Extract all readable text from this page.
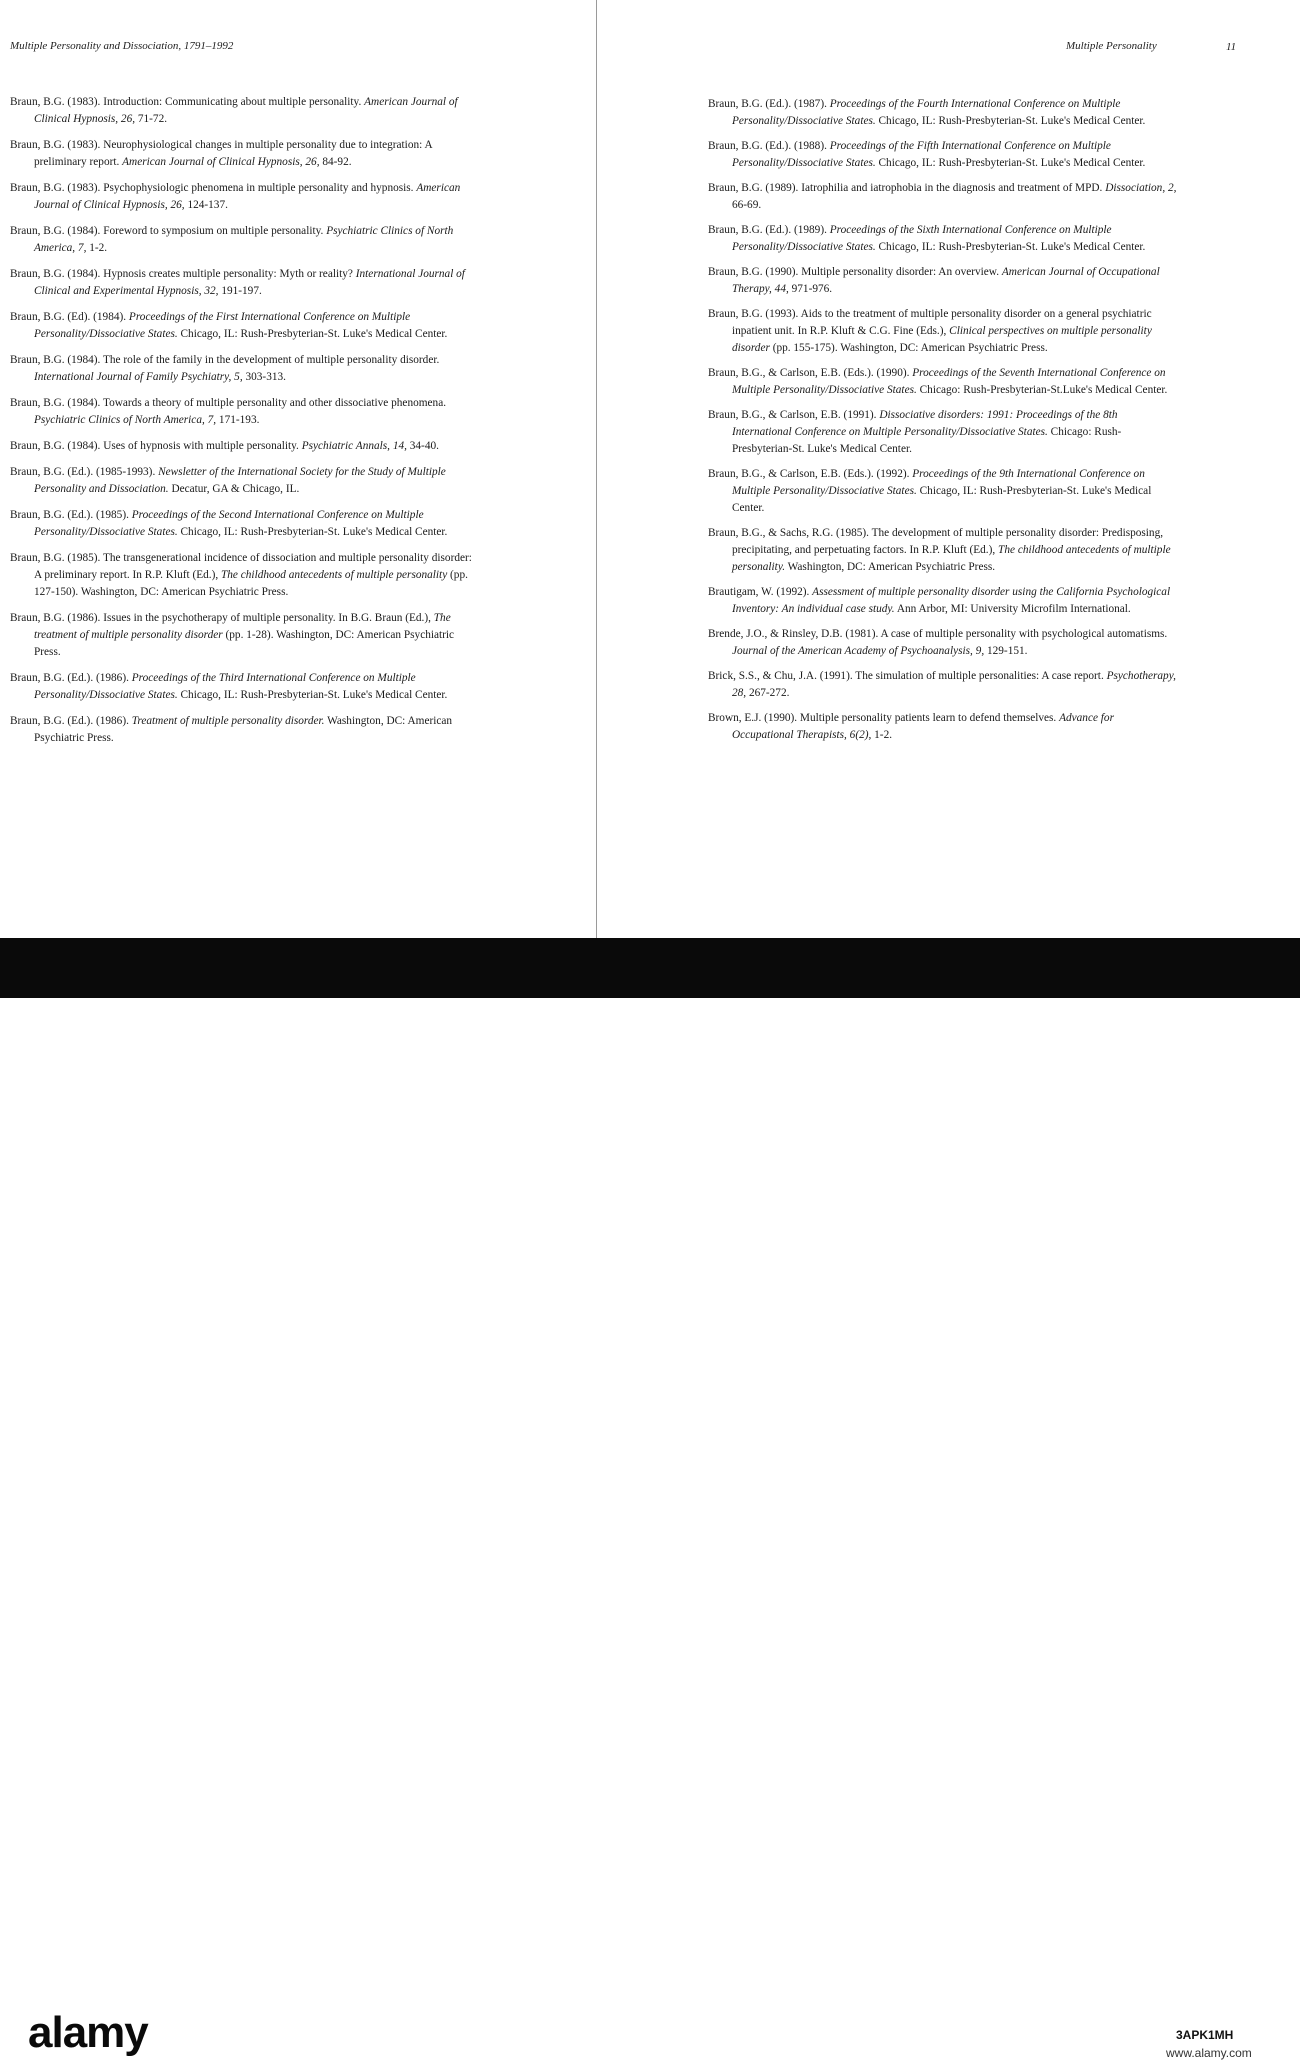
Multiple Personality and Dissociation, 1791–1992	Multiple Personality	11

Braun, B.G. (1983). Introduction: Communicating about multiple personality. American Journal of Clinical Hypnosis, 26, 71-72.

Braun, B.G. (1983). Neurophysiological changes in multiple personality due to integration: A preliminary report. American Journal of Clinical Hypnosis, 26, 84-92.

Braun, B.G. (1983). Psychophysiologic phenomena in multiple personality and hypnosis. American Journal of Clinical Hypnosis, 26, 124-137.

Braun, B.G. (1984). Foreword to symposium on multiple personality. Psychiatric Clinics of North America, 7, 1-2.

Braun, B.G. (1984). Hypnosis creates multiple personality: Myth or reality? International Journal of Clinical and Experimental Hypnosis, 32, 191-197.

Braun, B.G. (Ed). (1984). Proceedings of the First International Conference on Multiple Personality/Dissociative States. Chicago, IL: Rush-Presbyterian-St. Luke's Medical Center.

Braun, B.G. (1984). The role of the family in the development of multiple personality disorder. International Journal of Family Psychiatry, 5, 303-313.

Braun, B.G. (1984). Towards a theory of multiple personality and other dissociative phenomena. Psychiatric Clinics of North America, 7, 171-193.

Braun, B.G. (1984). Uses of hypnosis with multiple personality. Psychiatric Annals, 14, 34-40.

Braun, B.G. (Ed.). (1985-1993). Newsletter of the International Society for the Study of Multiple Personality and Dissociation. Decatur, GA & Chicago, IL.

Braun, B.G. (Ed.). (1985). Proceedings of the Second International Conference on Multiple Personality/Dissociative States. Chicago, IL: Rush-Presbyterian-St. Luke's Medical Center.

Braun, B.G. (1985). The transgenerational incidence of dissociation and multiple personality disorder: A preliminary report. In R.P. Kluft (Ed.), The childhood antecedents of multiple personality (pp. 127-150). Washington, DC: American Psychiatric Press.

Braun, B.G. (1986). Issues in the psychotherapy of multiple personality. In B.G. Braun (Ed.), The treatment of multiple personality disorder (pp. 1-28). Washington, DC: American Psychiatric Press.

Braun, B.G. (Ed.). (1986). Proceedings of the Third International Conference on Multiple Personality/Dissociative States. Chicago, IL: Rush-Presbyterian-St. Luke's Medical Center.

Braun, B.G. (Ed.). (1986). Treatment of multiple personality disorder. Washington, DC: American Psychiatric Press.

Braun, B.G. (Ed.). (1987). Proceedings of the Fourth International Conference on Multiple Personality/Dissociative States. Chicago, IL: Rush-Presbyterian-St. Luke's Medical Center.

Braun, B.G. (Ed.). (1988). Proceedings of the Fifth International Conference on Multiple Personality/Dissociative States. Chicago, IL: Rush-Presbyterian-St. Luke's Medical Center.

Braun, B.G. (1989). Iatrophilia and iatrophobia in the diagnosis and treatment of MPD. Dissociation, 2, 66-69.

Braun, B.G. (Ed.). (1989). Proceedings of the Sixth International Conference on Multiple Personality/Dissociative States. Chicago, IL: Rush-Presbyterian-St. Luke's Medical Center.

Braun, B.G. (1990). Multiple personality disorder: An overview. American Journal of Occupational Therapy, 44, 971-976.

Braun, B.G. (1993). Aids to the treatment of multiple personality disorder on a general psychiatric inpatient unit. In R.P. Kluft & C.G. Fine (Eds.), Clinical perspectives on multiple personality disorder (pp. 155-175). Washington, DC: American Psychiatric Press.

Braun, B.G., & Carlson, E.B. (Eds.). (1990). Proceedings of the Seventh International Conference on Multiple Personality/Dissociative States. Chicago: Rush-Presbyterian-St.Luke's Medical Center.

Braun, B.G., & Carlson, E.B. (1991). Dissociative disorders: 1991: Proceedings of the 8th International Conference on Multiple Personality/Dissociative States. Chicago: Rush-Presbyterian-St. Luke's Medical Center.

Braun, B.G., & Carlson, E.B. (Eds.). (1992). Proceedings of the 9th International Conference on Multiple Personality/Dissociative States. Chicago, IL: Rush-Presbyterian-St. Luke's Medical Center.

Braun, B.G., & Sachs, R.G. (1985). The development of multiple personality disorder: Predisposing, precipitating, and perpetuating factors. In R.P. Kluft (Ed.), The childhood antecedents of multiple personality. Washington, DC: American Psychiatric Press.

Brautigam, W. (1992). Assessment of multiple personality disorder using the California Psychological Inventory: An individual case study. Ann Arbor, MI: University Microfilm International.

Brende, J.O., & Rinsley, D.B. (1981). A case of multiple personality with psychological automatisms. Journal of the American Academy of Psychoanalysis, 9, 129-151.

Brick, S.S., & Chu, J.A. (1991). The simulation of multiple personalities: A case report. Psychotherapy, 28, 267-272.

Brown, E.J. (1990). Multiple personality patients learn to defend themselves. Advance for Occupational Therapists, 6(2), 1-2.

alamy	3APK1MH
www.alamy.com
